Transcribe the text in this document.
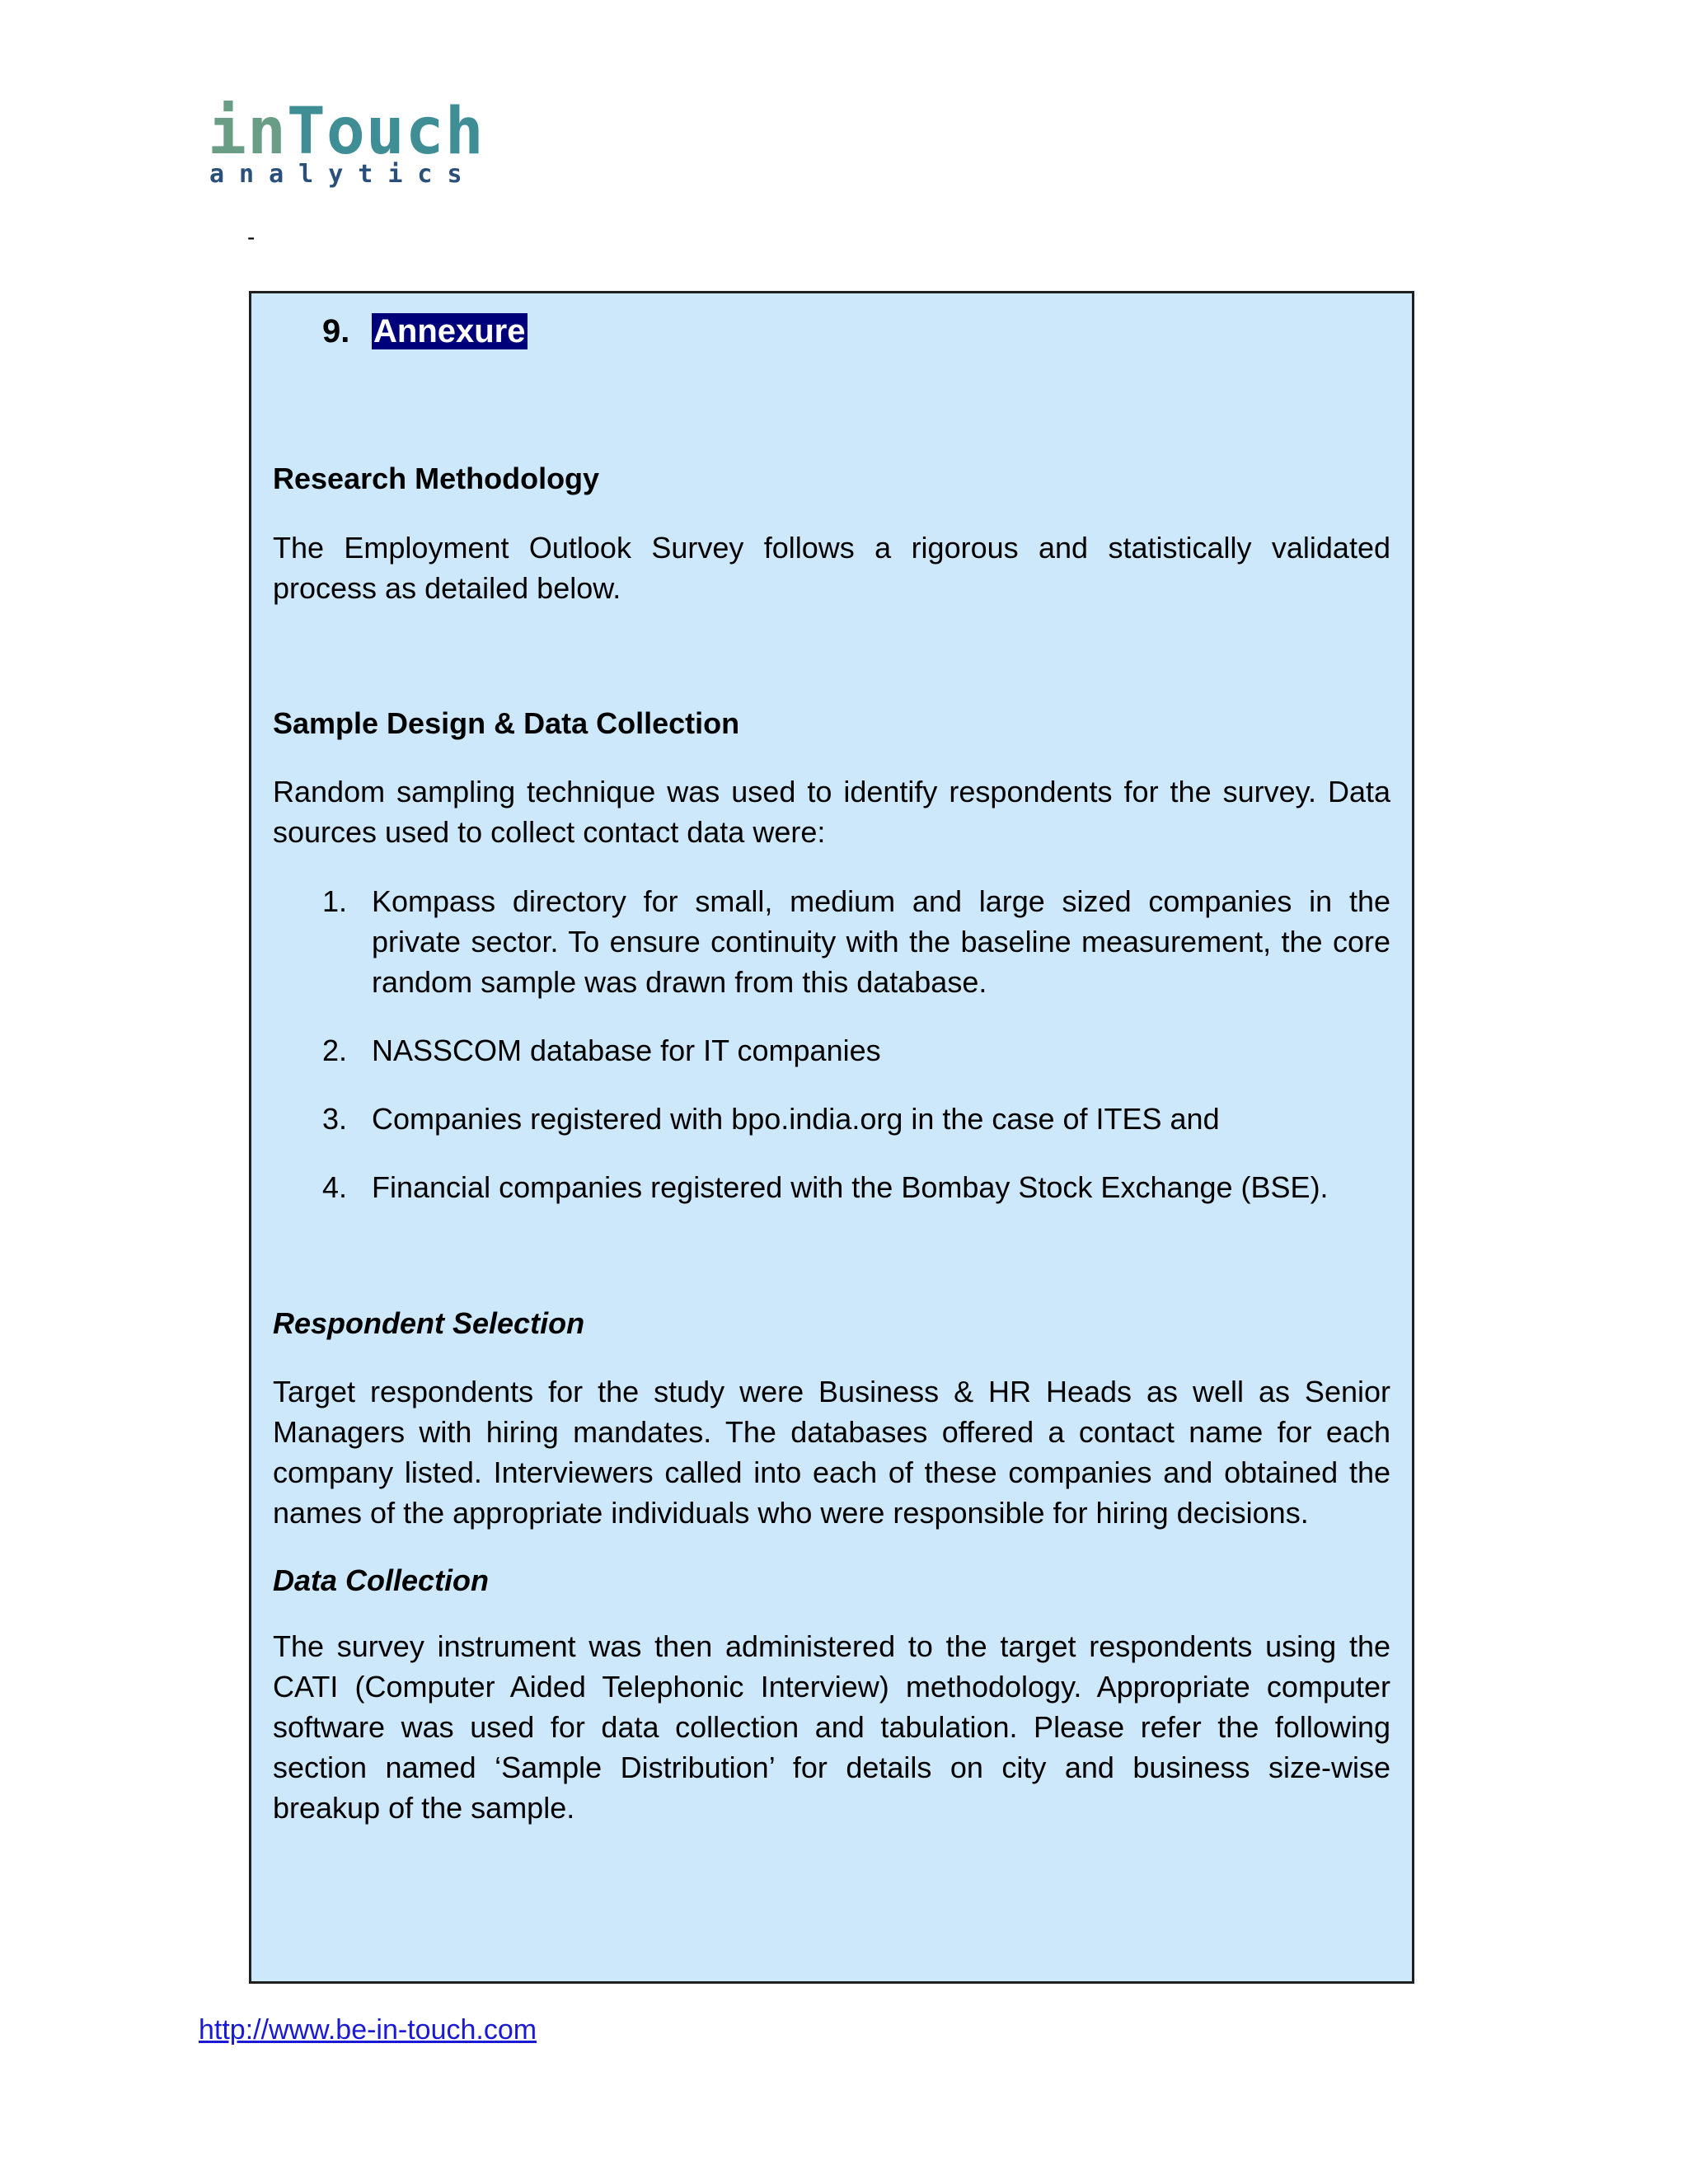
inTouch
analytics
-
9. Annexure
Research Methodology
The Employment Outlook Survey follows a rigorous and statistically validated process as detailed below.
Sample Design & Data Collection
Random sampling technique was used to identify respondents for the survey. Data sources used to collect contact data were:
1. Kompass directory for small, medium and large sized companies in the private sector. To ensure continuity with the baseline measurement, the core random sample was drawn from this database.
2. NASSCOM database for IT companies
3. Companies registered with bpo.india.org in the case of ITES and
4. Financial companies registered with the Bombay Stock Exchange (BSE).
Respondent Selection
Target respondents for the study were Business & HR Heads as well as Senior Managers with hiring mandates. The databases offered a contact name for each company listed. Interviewers called into each of these companies and obtained the names of the appropriate individuals who were responsible for hiring decisions.
Data Collection
The survey instrument was then administered to the target respondents using the CATI (Computer Aided Telephonic Interview) methodology. Appropriate computer software was used for data collection and tabulation. Please refer the following section named ‘Sample Distribution’ for details on city and business size-wise breakup of the sample.
http://www.be-in-touch.com
